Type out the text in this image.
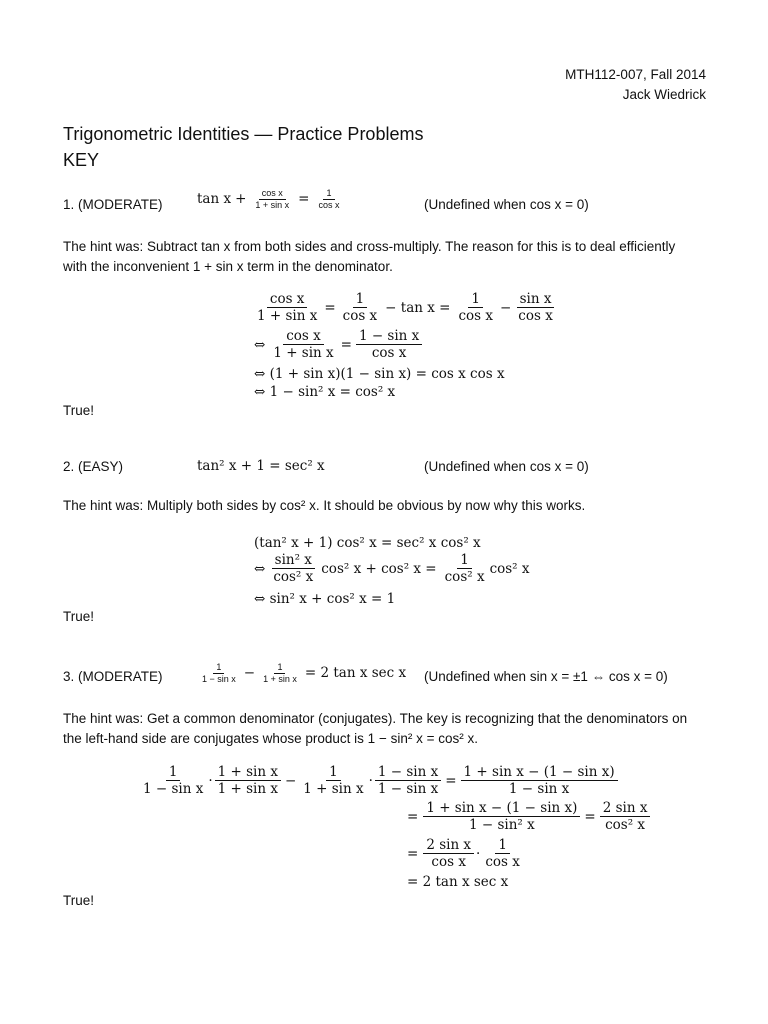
MTH112-007, Fall 2014
Jack Wiedrick
Trigonometric Identities — Practice Problems
KEY
1. (MODERATE)	$\tan x + \frac{\text{cos x}}{\text{1 + sin x}} = \frac{1}{\text{cos x}}$	(Undefined when cos x = 0)
The hint was: Subtract tan x from both sides and cross-multiply. The reason for this is to deal efficiently
with the inconvenient 1 + sin x term in the denominator.
$\frac{\text{cos x}}{\text{1 + sin x}} = \frac{1}{\text{cos x}} - \tan x = \frac{1}{\text{cos x}} - \frac{\text{sin x}}{\text{cos x}}$
⇔ $\frac{\text{cos x}}{\text{1 + sin x}} = \frac{\text{1 − sin x}}{\text{cos x}}$
⇔ (1 + sin x)(1 − sin x) = cos x cos x
⇔ 1 − sin² x = cos² x
True!
2. (EASY)	tan² x + 1 = sec² x	(Undefined when cos x = 0)
The hint was: Multiply both sides by cos² x. It should be obvious by now why this works.
(tan² x + 1) cos² x = sec² x cos² x
⇔ $\frac{\text{sin² x}}{\text{cos² x}} \cos^2$ x + cos² $x = \frac{1}{\text{cos² x}} \cos^2$ x
⇔ sin² x + cos² x = 1
True!
3. (MODERATE)	$\frac{1}{\text{1 − sin x}} - \frac{1}{\text{1 + sin x}} = 2$ tan x sec x (Undefined when sin x = ±1 ⇔ cos x = 0)
The hint was: Get a common denominator (conjugates). The key is recognizing that the denominators on
the left-hand side are conjugates whose product is 1 − sin² x = cos² x.
$\frac{1}{\text{1 − sin x}} \cdot \frac{\text{1 + sin x}}{\text{1 + sin x}} - \frac{1}{\text{1 + sin x}} \cdot \frac{\text{1 − sin x}}{\text{1 − sin x}} = \frac{\text{1 + sin x − (1 − sin x)}}{\text{1 − sin x}}$
= $\frac{\text{1 + sin x − (1 − sin x)}}{\text{1 − sin² x}} = \frac{\text{2 sin x}}{\text{cos² x}}$
= $\frac{\text{2 sin x}}{\text{cos x}} \cdot \frac{1}{\text{cos x}}$
= 2 tan x sec x
True!
